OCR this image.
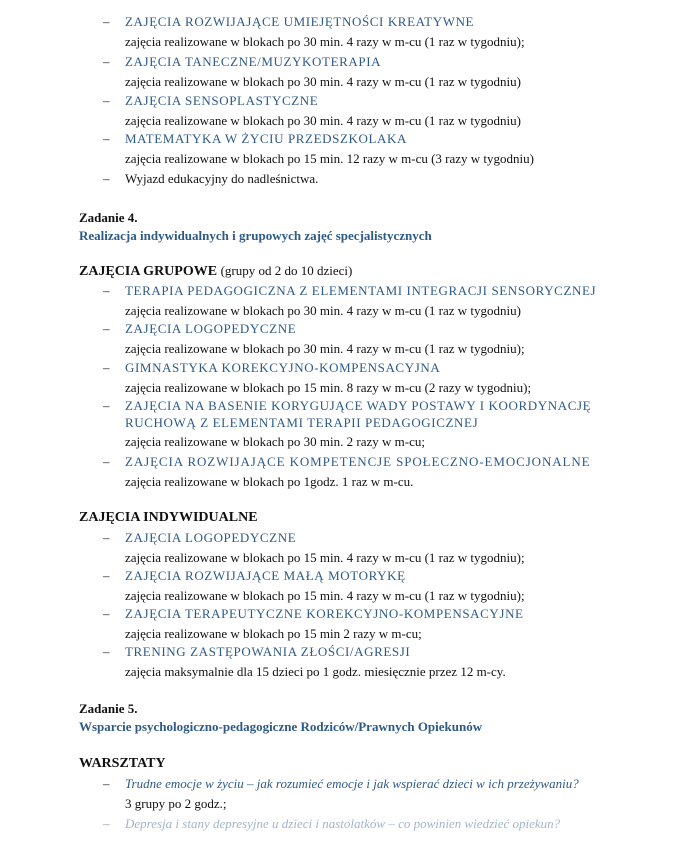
– ZAJĘCIA ROZWIJAJĄCE UMIEJĘTNOŚCI KREATYWNE
zajęcia realizowane w blokach po 30 min. 4 razy w m-cu (1 raz w tygodniu);
– ZAJĘCIA TANECZNE/MUZYKOTERAPIA
zajęcia realizowane w blokach po 30 min. 4 razy w m-cu (1 raz w tygodniu)
– ZAJĘCIA SENSOPLASTYCZNE
zajęcia realizowane w blokach po 30 min. 4 razy w m-cu (1 raz w tygodniu)
– MATEMATYKA W ŻYCIU PRZEDSZKOLAKA
zajęcia realizowane w blokach po 15 min. 12 razy w m-cu (3 razy w tygodniu)
– Wyjazd edukacyjny do nadleśnictwa.
Zadanie 4.
Realizacja indywidualnych i grupowych zajęć specjalistycznych
ZAJĘCIA GRUPOWE (grupy od 2 do 10 dzieci)
– TERAPIA PEDAGOGICZNA Z ELEMENTAMI INTEGRACJI SENSORYCZNEJ
zajęcia realizowane w blokach po 30 min. 4 razy w m-cu (1 raz w tygodniu)
– ZAJĘCIA LOGOPEDYCZNE
zajęcia realizowane w blokach po 30 min. 4 razy w m-cu (1 raz w tygodniu);
– GIMNASTYKA KOREKCYJNO-KOMPENSACYJNA
zajęcia realizowane w blokach po 15 min. 8 razy w m-cu (2 razy w tygodniu);
– ZAJĘCIA NA BASENIE KORYGUJĄCE WADY POSTAWY I KOORDYNACJĘ
RUCHOWĄ Z ELEMENTAMI TERAPII PEDAGOGICZNEJ
zajęcia realizowane w blokach po 30 min. 2 razy w m-cu;
– ZAJĘCIA ROZWIJAJĄCE KOMPETENCJE SPOŁECZNO-EMOCJONALNE
zajęcia realizowane w blokach po 1godz. 1 raz w m-cu.
ZAJĘCIA INDYWIDUALNE
– ZAJĘCIA LOGOPEDYCZNE
zajęcia realizowane w blokach po 15 min. 4 razy w m-cu (1 raz w tygodniu);
– ZAJĘCIA ROZWIJAJĄCE MAŁĄ MOTORYKĘ
zajęcia realizowane w blokach po 15 min. 4 razy w m-cu (1 raz w tygodniu);
– ZAJĘCIA TERAPEUTYCZNE KOREKCYJNO-KOMPENSACYJNE
zajęcia realizowane w blokach po 15 min 2 razy w m-cu;
– TRENING ZASTĘPOWANIA ZŁOŚCI/AGRESJI
zajęcia maksymalnie dla 15 dzieci po 1 godz. miesięcznie przez 12 m-cy.
Zadanie 5.
Wsparcie psychologiczno-pedagogiczne Rodziców/Prawnych Opiekunów
WARSZTATY
– Trudne emocje w życiu – jak rozumieć emocje i jak wspierać dzieci w ich przeżywaniu?
3 grupy po 2 godz.;
– Depresja i stany depresyjne u dzieci i nastolatków – co powinien wiedzieć opiekun?
